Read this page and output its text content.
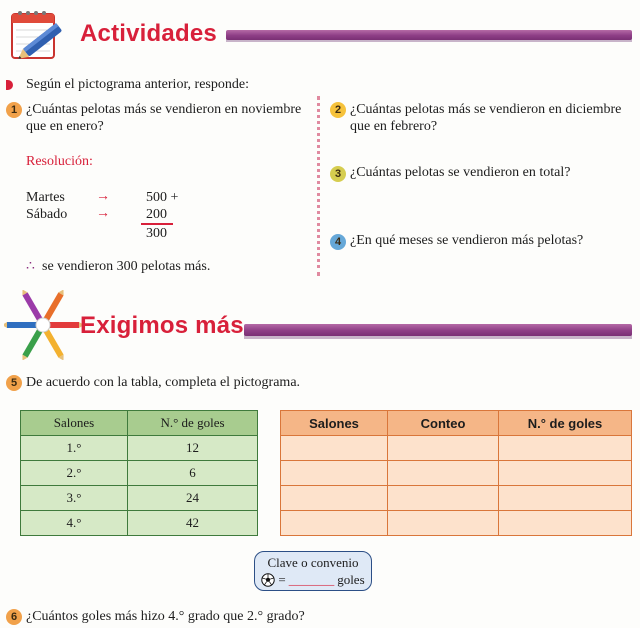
Actividades
Según el pictograma anterior, responde:
1 ¿Cuántas pelotas más se vendieron en noviembre
que en enero?
Resolución:
Martes →	500 +
Sábado →	200
300
∴ se vendieron 300 pelotas más.
2 ¿Cuántas pelotas más se vendieron en diciembre
que en febrero?
3 ¿Cuántas pelotas se vendieron en total?
4 ¿En qué meses se vendieron más pelotas?
Exigimos más
5 De acuerdo con la tabla, completa el pictograma.
Salones	N.° de goles
1.°	12
2.°	6
3.°	24
4.°	42
Salones	Conteo	N.° de goles

Clave o convenio
= _______ goles
6 ¿Cuántos goles más hizo 4.° grado que 2.° grado?
